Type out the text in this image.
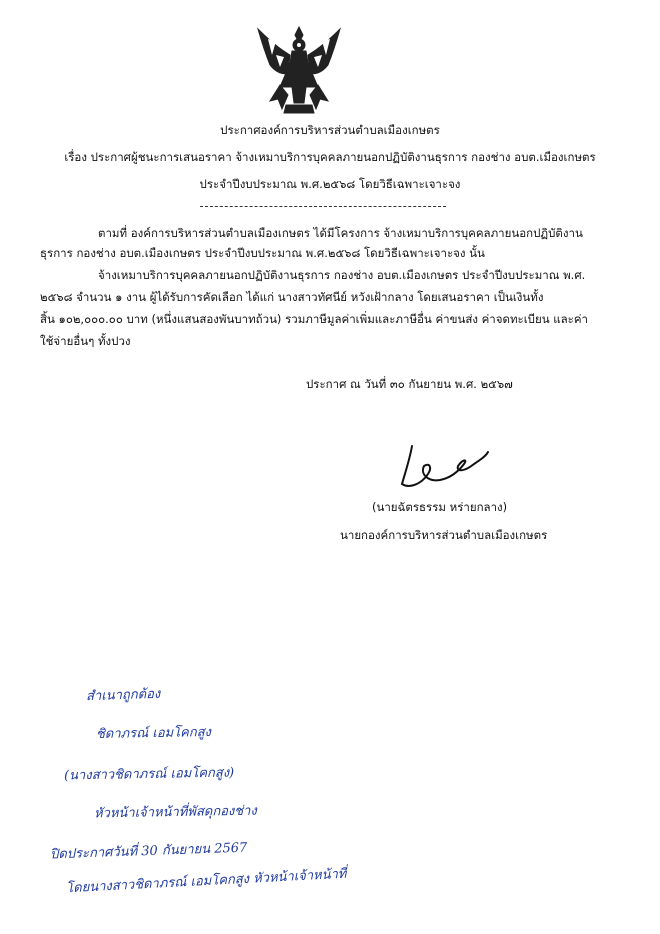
ประกาศองค์การบริหารส่วนตำบลเมืองเกษตร
เรื่อง ประกาศผู้ชนะการเสนอราคา จ้างเหมาบริการบุคคลภายนอกปฏิบัติงานธุรการ กองช่าง อบต.เมืองเกษตร
ประจำปีงบประมาณ พ.ศ.๒๕๖๘ โดยวิธีเฉพาะเจาะจง
ตามที่ องค์การบริหารส่วนตำบลเมืองเกษตร ได้มีโครงการ จ้างเหมาบริการบุคคลภายนอกปฏิบัติงาน
ธุรการ กองช่าง อบต.เมืองเกษตร ประจำปีงบประมาณ พ.ศ.๒๕๖๘ โดยวิธีเฉพาะเจาะจง นั้น
จ้างเหมาบริการบุคคลภายนอกปฏิบัติงานธุรการ กองช่าง อบต.เมืองเกษตร ประจำปีงบประมาณ พ.ศ.
๒๕๖๘ จำนวน ๑ งาน ผู้ได้รับการคัดเลือก ได้แก่ นางสาวทัศนีย์ หวังเฝ้ากลาง โดยเสนอราคา เป็นเงินทั้ง
สิ้น ๑๐๒,๐๐๐.๐๐ บาท (หนึ่งแสนสองพันบาทถ้วน) รวมภาษีมูลค่าเพิ่มและภาษีอื่น ค่าขนส่ง ค่าจดทะเบียน และค่า
ใช้จ่ายอื่นๆ ทั้งปวง
ประกาศ ณ วันที่ ๓๐ กันยายน พ.ศ. ๒๕๖๗
(นายฉัตรธรรม หร่ายกลาง)
นายกองค์การบริหารส่วนตำบลเมืองเกษตร
สำเนาถูกต้อง
ชิดาภรณ์ เอมโคกสูง
(นางสาวชิดาภรณ์ เอมโคกสูง)
หัวหน้าเจ้าหน้าที่พัสดุกองช่าง
ปิดประกาศวันที่ 30 กันยายน 2567
โดยนางสาวชิดาภรณ์ เอมโคกสูง หัวหน้าเจ้าหน้าที่
